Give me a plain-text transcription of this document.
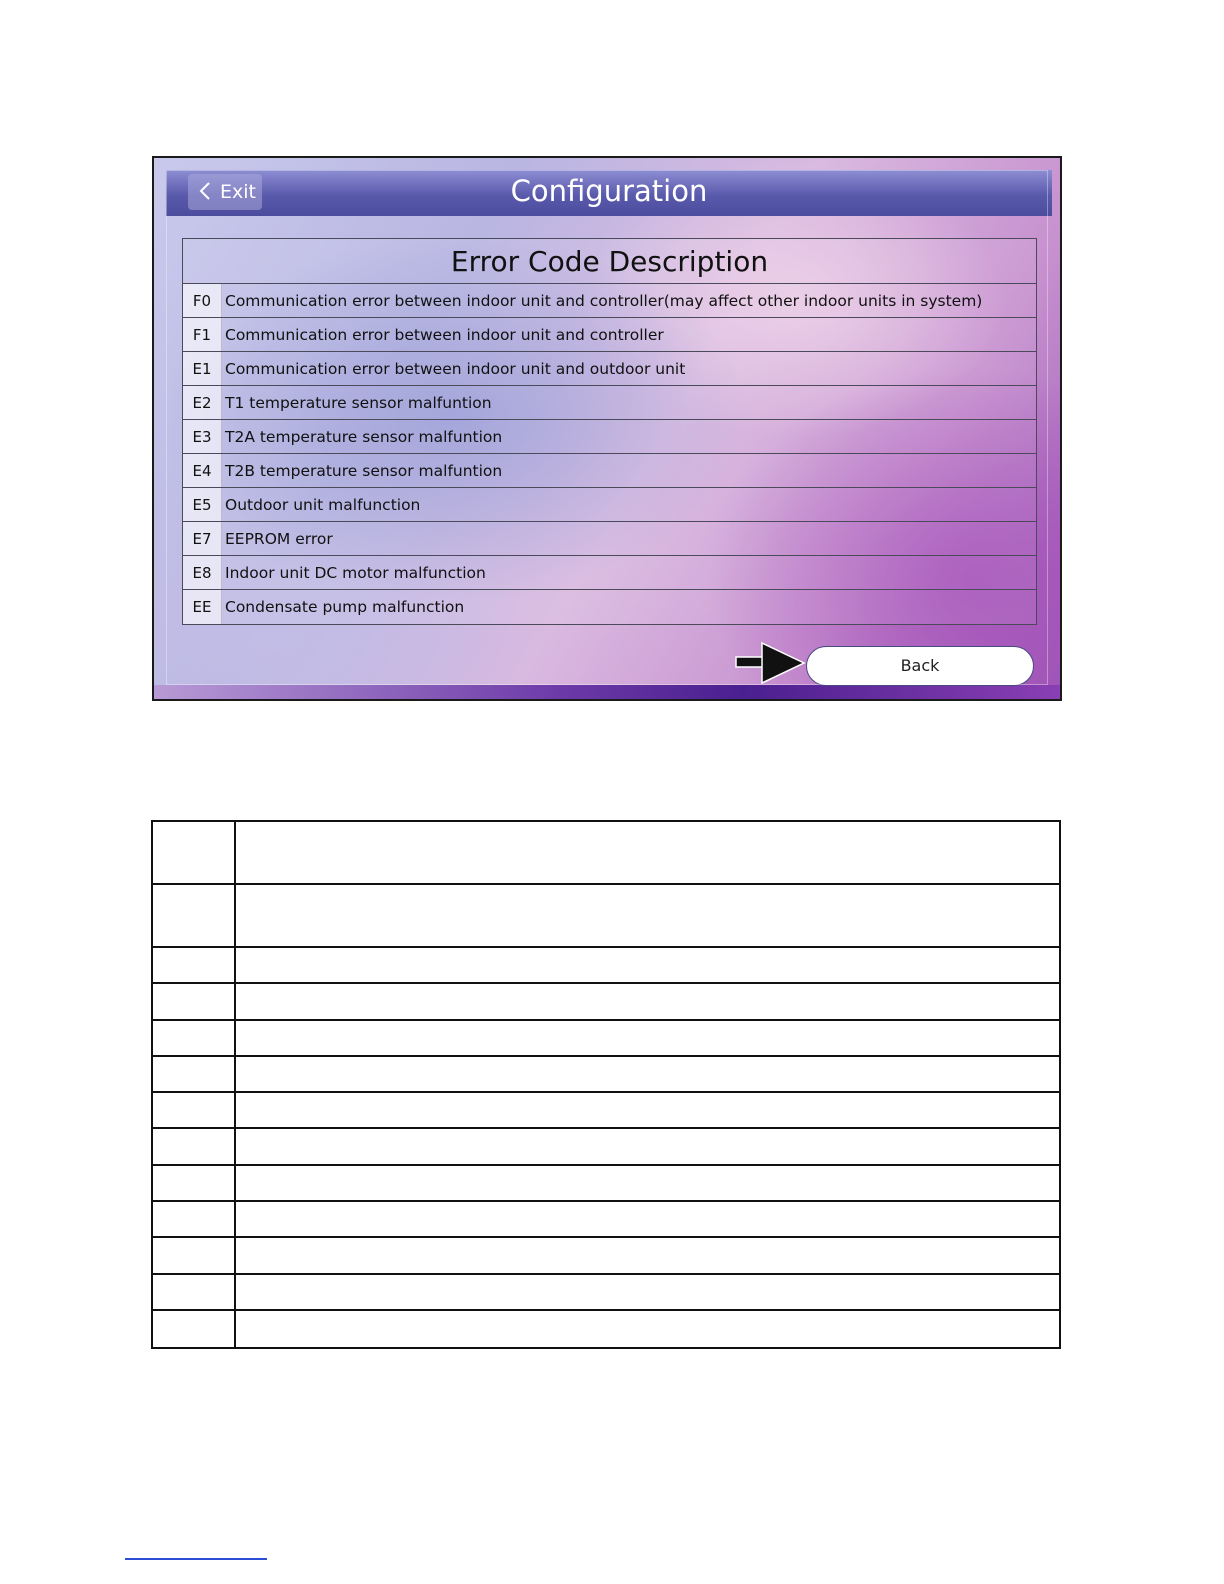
Exit	Configuration
Error Code Description
F0 Communication error between indoor unit and controller(may affect other indoor units in system)
F1 Communication error between indoor unit and controller
E1 Communication error between indoor unit and outdoor unit
E2 T1 temperature sensor malfuntion
E3 T2A temperature sensor malfuntion
E4 T2B temperature sensor malfuntion
E5 Outdoor unit malfunction
E7 EEPROM error
E8 Indoor unit DC motor malfunction
EE Condensate pump malfunction
Back
